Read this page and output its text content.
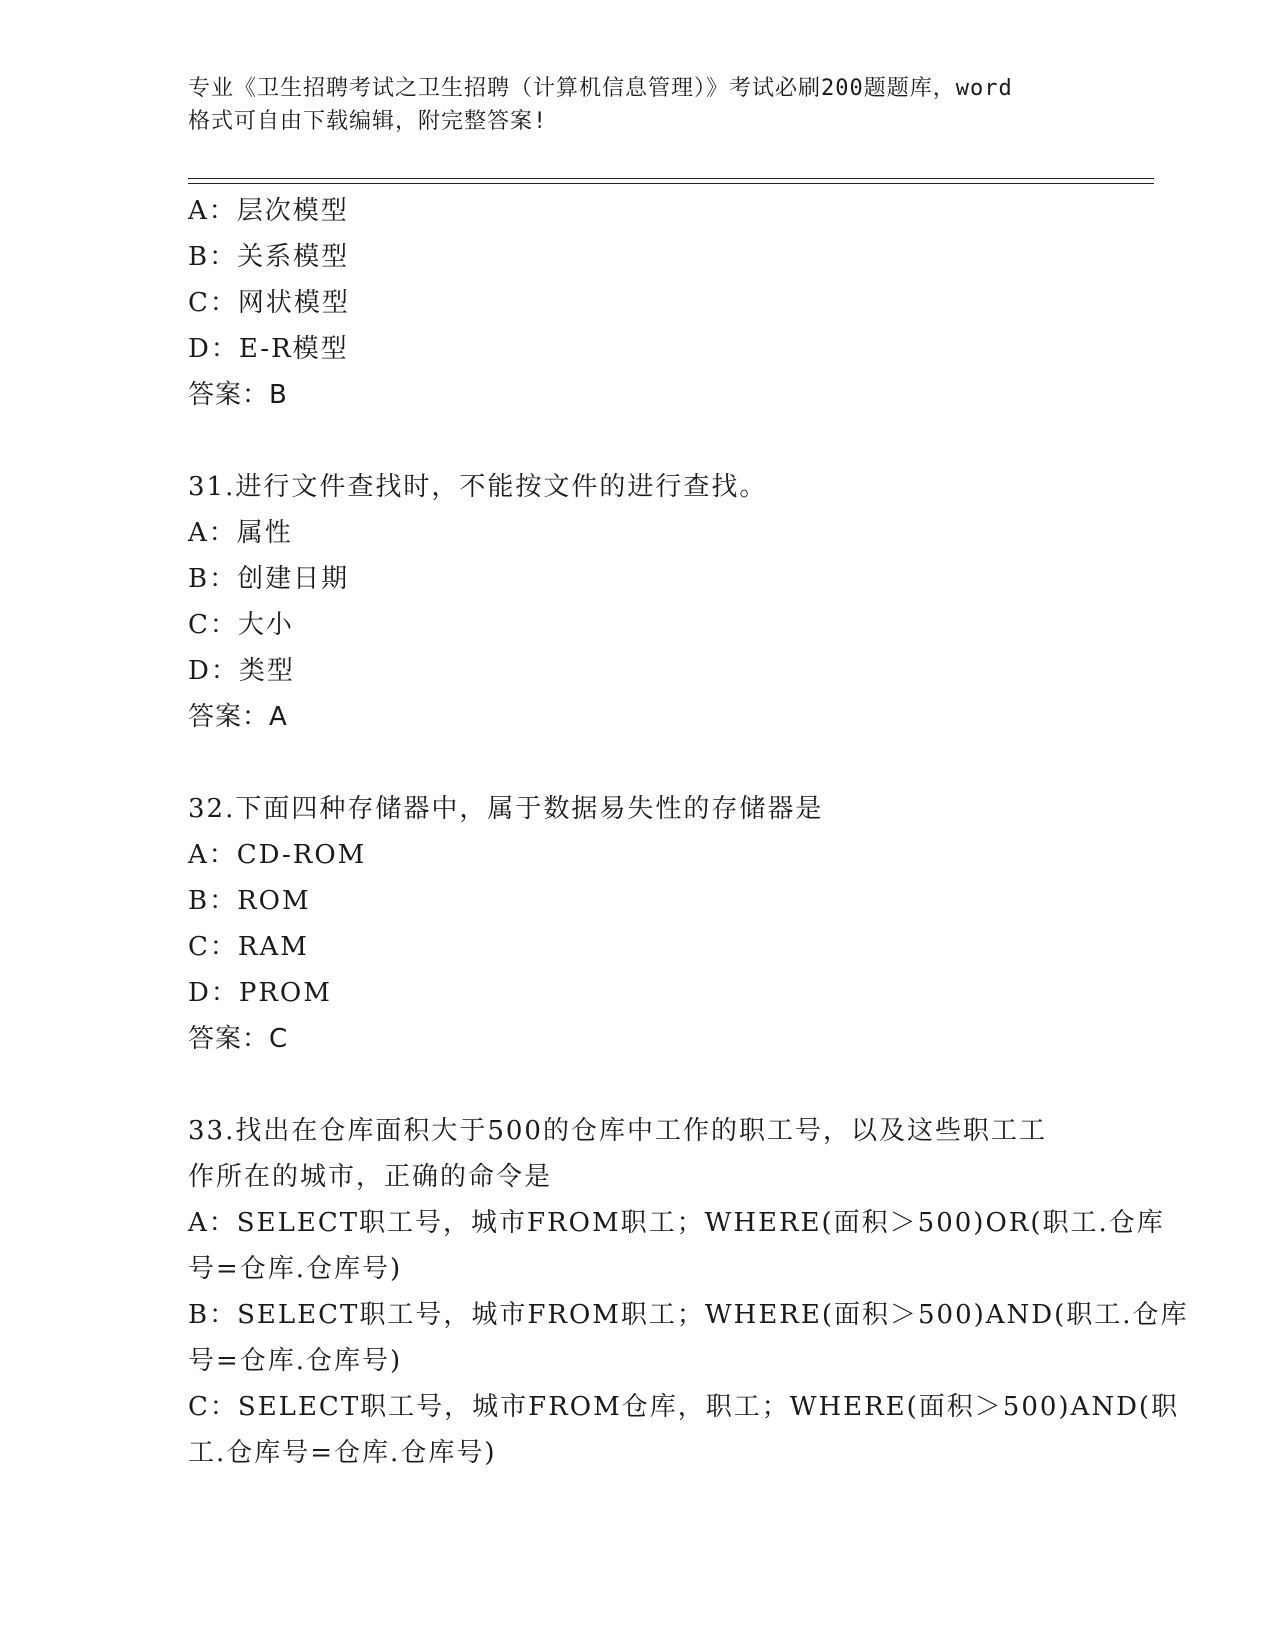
专业《卫生招聘考试之卫生招聘（计算机信息管理）》考试必刷200题题库，word
格式可自由下载编辑，附完整答案!
A：层次模型
B：关系模型
C：网状模型
D：E-R模型
答案：B
31.进行文件查找时，不能按文件的进行查找。
A：属性
B：创建日期
C：大小
D：类型
答案：A
32.下面四种存储器中，属于数据易失性的存储器是
A：CD-ROM
B：ROM
C：RAM
D：PROM
答案：C
33.找出在仓库面积大于500的仓库中工作的职工号，以及这些职工工
作所在的城市，正确的命令是
A：SELECT职工号，城市FROM职工；WHERE(面积＞500)OR(职工.仓库
号=仓库.仓库号)
B：SELECT职工号，城市FROM职工；WHERE(面积＞500)AND(职工.仓库
号=仓库.仓库号)
C：SELECT职工号，城市FROM仓库，职工；WHERE(面积＞500)AND(职
工.仓库号=仓库.仓库号)
